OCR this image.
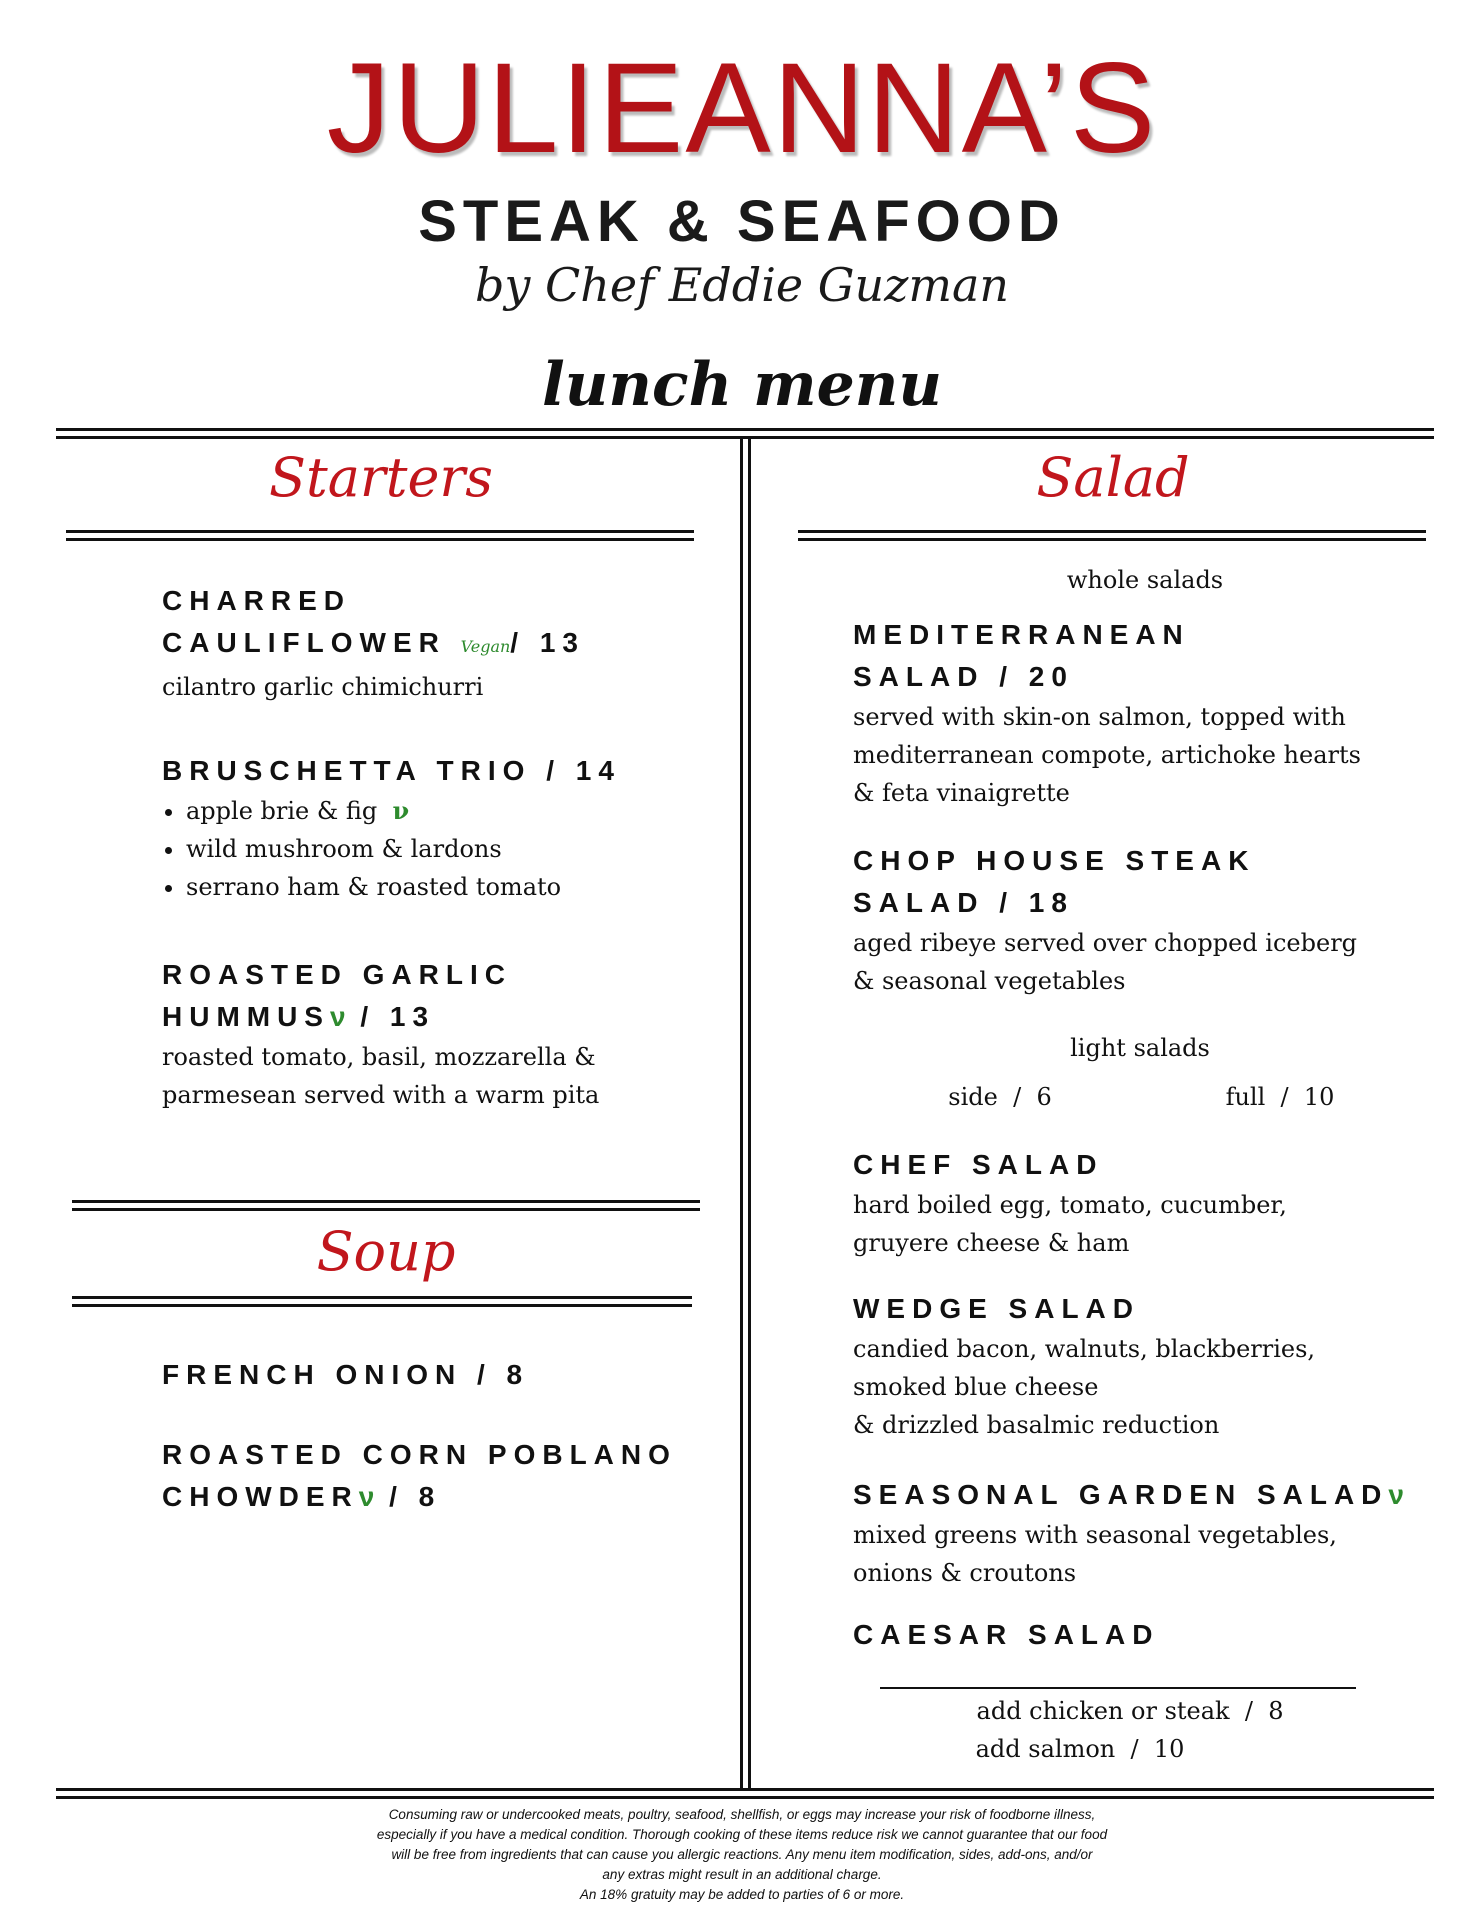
JULIEANNA’S
STEAK & SEAFOOD
by Chef Eddie Guzman
lunch menu
Starters

CHARRED

CAULIFLOWER Vegan/ 13

cilantro garlic chimichurri

BRUSCHETTA TRIO / 14

• apple brie & fig ν
• wild mushroom & lardons
• serrano ham & roasted tomato

ROASTED GARLIC

HUMMUSν / 13

roasted tomato, basil, mozzarella &

parmesean served with a warm pita

Soup

FRENCH ONION / 8

ROASTED CORN POBLANO

CHOWDERν / 8

Salad
whole salads

MEDITERRANEAN

SALAD / 20

served with skin-on salmon, topped with

mediterranean compote, artichoke hearts

& feta vinaigrette

CHOP HOUSE STEAK

SALAD / 18

aged ribeye served over chopped iceberg

& seasonal vegetables

light salads
side  /  6	full  /  10

CHEF SALAD

hard boiled egg, tomato, cucumber,

gruyere cheese & ham

WEDGE SALAD

candied bacon, walnuts, blackberries,

smoked blue cheese

& drizzled basalmic reduction

SEASONAL GARDEN SALADν

mixed greens with seasonal vegetables,

onions & croutons

CAESAR SALAD

add chicken or steak  /  8
add salmon  /  10
Consuming raw or undercooked meats, poultry, seafood, shellfish, or eggs may increase your risk of foodborne illness,
especially if you have a medical condition. Thorough cooking of these items reduce risk we cannot guarantee that our food
will be free from ingredients that can cause you allergic reactions. Any menu item modification, sides, add-ons, and/or
any extras might result in an additional charge.
An 18% gratuity may be added to parties of 6 or more.
